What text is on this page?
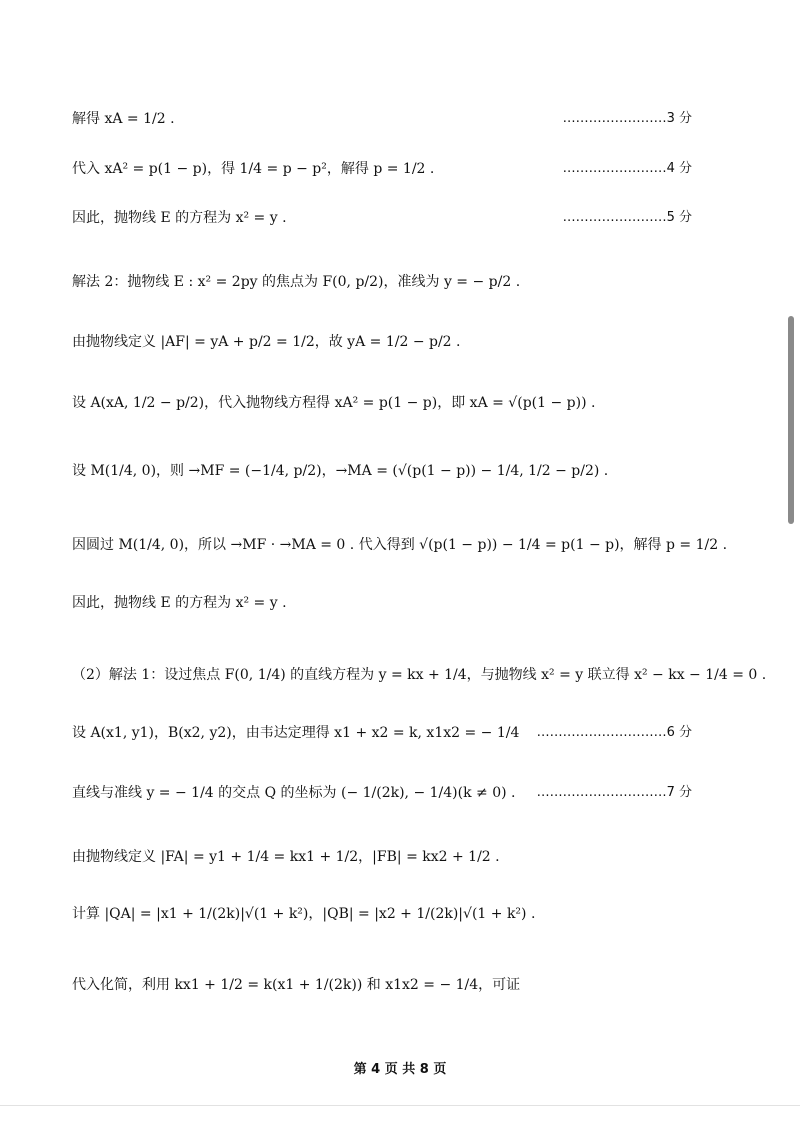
解得 xA = 1/2 .	……………………3 分
代入 xA² = p(1 − p)，得 1/4 = p − p²，解得 p = 1/2 .	……………………4 分
因此，抛物线 E 的方程为 x² = y .	……………………5 分
解法 2：抛物线 E : x² = 2py 的焦点为 F(0, p/2)，准线为 y = − p/2 .
由抛物线定义 |AF| = yA + p/2 = 1/2，故 yA = 1/2 − p/2 .
设 A(xA, 1/2 − p/2)，代入抛物线方程得 xA² = p(1 − p)，即 xA = √(p(1 − p)) .
设 M(1/4, 0)，则 →MF = (−1/4, p/2)，→MA = (√(p(1 − p)) − 1/4, 1/2 − p/2) .
因圆过 M(1/4, 0)，所以 →MF · →MA = 0 . 代入得到 √(p(1 − p)) − 1/4 = p(1 − p)，解得 p = 1/2 .
因此，抛物线 E 的方程为 x² = y .
（2）解法 1：设过焦点 F(0, 1/4) 的直线方程为 y = kx + 1/4，与抛物线 x² = y 联立得 x² − kx − 1/4 = 0 .
设 A(x1, y1)，B(x2, y2)，由韦达定理得 x1 + x2 = k, x1x2 = − 1/4 …………………………6 分
直线与准线 y = − 1/4 的交点 Q 的坐标为 (− 1/(2k), − 1/4)(k ≠ 0) . …………………………7 分
由抛物线定义 |FA| = y1 + 1/4 = kx1 + 1/2，|FB| = kx2 + 1/2 .
计算 |QA| = |x1 + 1/(2k)|√(1 + k²)，|QB| = |x2 + 1/(2k)|√(1 + k²) .
代入化简，利用 kx1 + 1/2 = k(x1 + 1/(2k)) 和 x1x2 = − 1/4，可证
第 4 页 共 8 页
